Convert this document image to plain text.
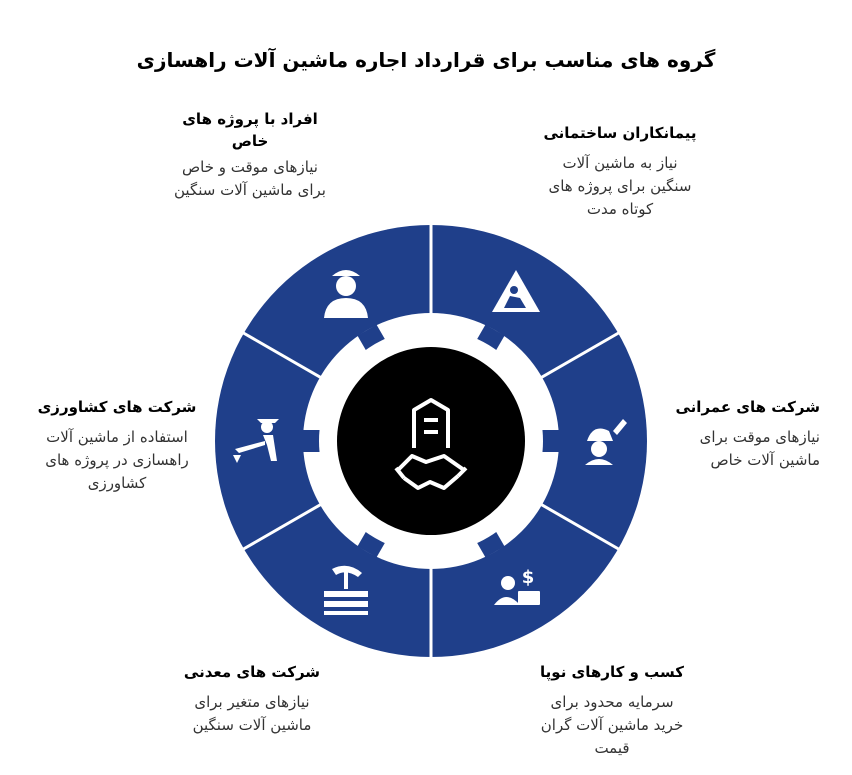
گروه های مناسب برای قرارداد اجاره ماشین آلات راهسازی
$
پیمانکاران ساختمانی
نیاز به ماشین آلات
سنگین برای پروژه های
کوتاه مدت
شرکت های عمرانی
نیازهای موقت برای
ماشین آلات خاص
کسب و کارهای نوپا
سرمایه محدود برای
خرید ماشین آلات گران
قیمت
شرکت های معدنی
نیازهای متغیر برای
ماشین آلات سنگین
شرکت های کشاورزی
استفاده از ماشین آلات
راهسازی در پروژه های
کشاورزی
افراد با پروژه های
خاص
نیازهای موقت و خاص
برای ماشین آلات سنگین
